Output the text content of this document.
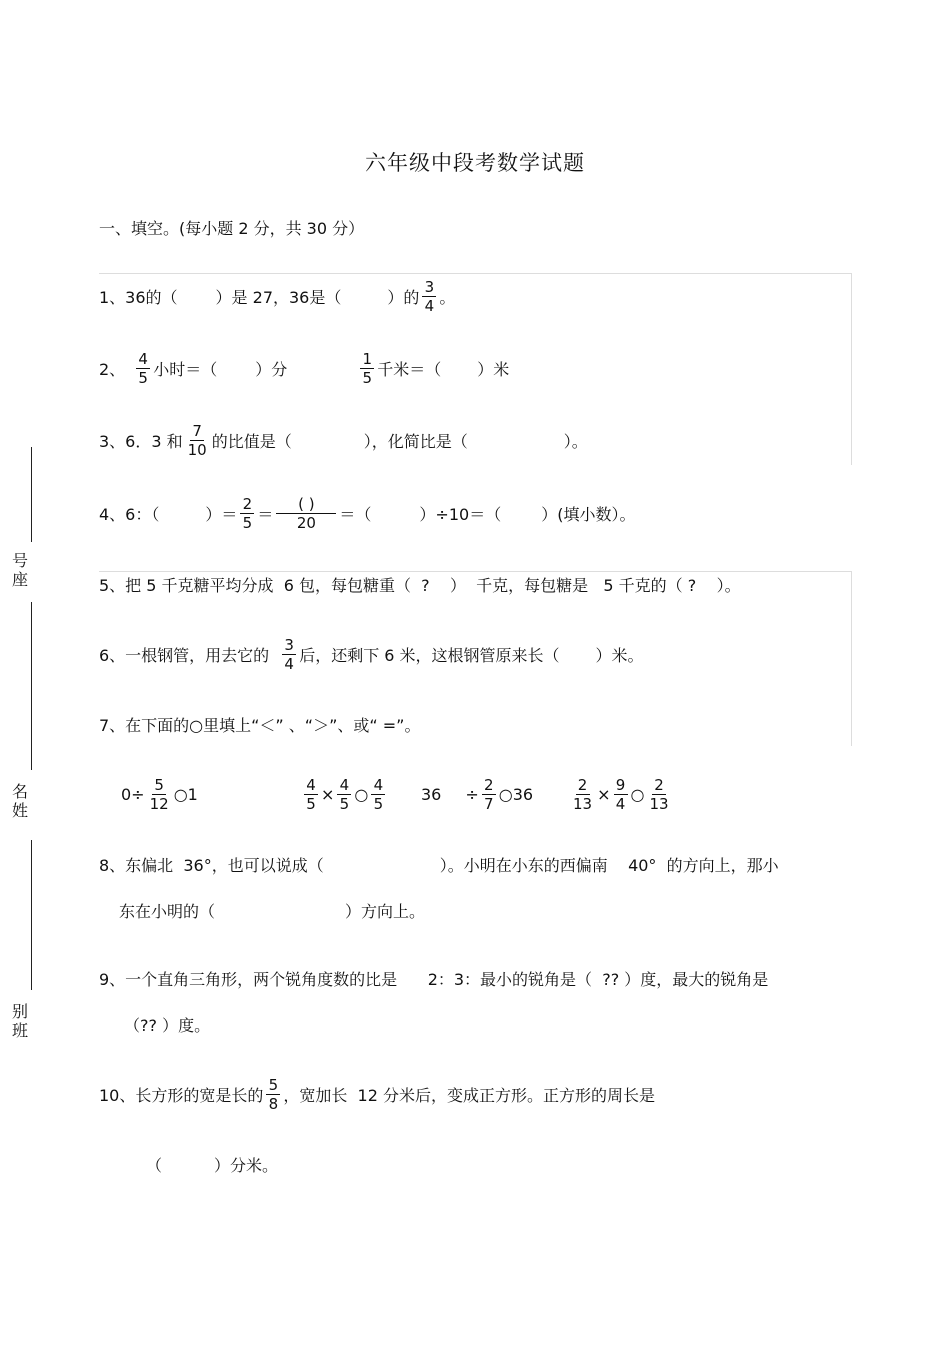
号
座
名
姓
别
班
六年级中段考数学试题
一、填空。(每小题 2 分，共 30 分）
1、36的（ ）是 27，36是（	）的 $\frac{3}{4}$ 。
2、 $\frac{4}{5}$ 小时＝（ ）分	$\frac{1}{5}$ 千米＝（ ）米
3、6．3 和 $\frac{7}{10}$ 的比值是（	），化简比是（	）。
4、6：（	）＝ $\frac{2}{5} = \frac{( )}{20}$ ＝（	）÷10＝（	）(填小数）。
5、把 5 千克糖平均分成  6 包，每包糖重（  ?    ）  千克，每包糖是   5 千克的（ ?    ）。
6、一根钢管，用去它的 $\frac{3}{4}$ 后，还剩下 6 米，这根钢管原来长（ ）米。
7、在下面的○里填上“＜” 、“＞”、或“ =”。
$0\div \frac{5}{12}$ ○1	$\frac{4}{5} \times \frac{4}{5}$ ○ $\frac{4}{5} 36 \div \frac{2}{7}$ ○36	$\frac{2}{13} \times \frac{9}{4}$ ○ $\frac{2}{13}$
8、东偏北  36°，也可以说成（	）。小明在小东的西偏南    40°  的方向上，那小
东在小明的（	）方向上。
9、一个直角三角形，两个锐角度数的比是      2：3：最小的锐角是（  ?? ）度，最大的锐角是
（?? ）度。
10、长方形的宽是长的 $\frac{5}{8}$ ，宽加长  12 分米后，变成正方形。正方形的周长是
（	）分米。
